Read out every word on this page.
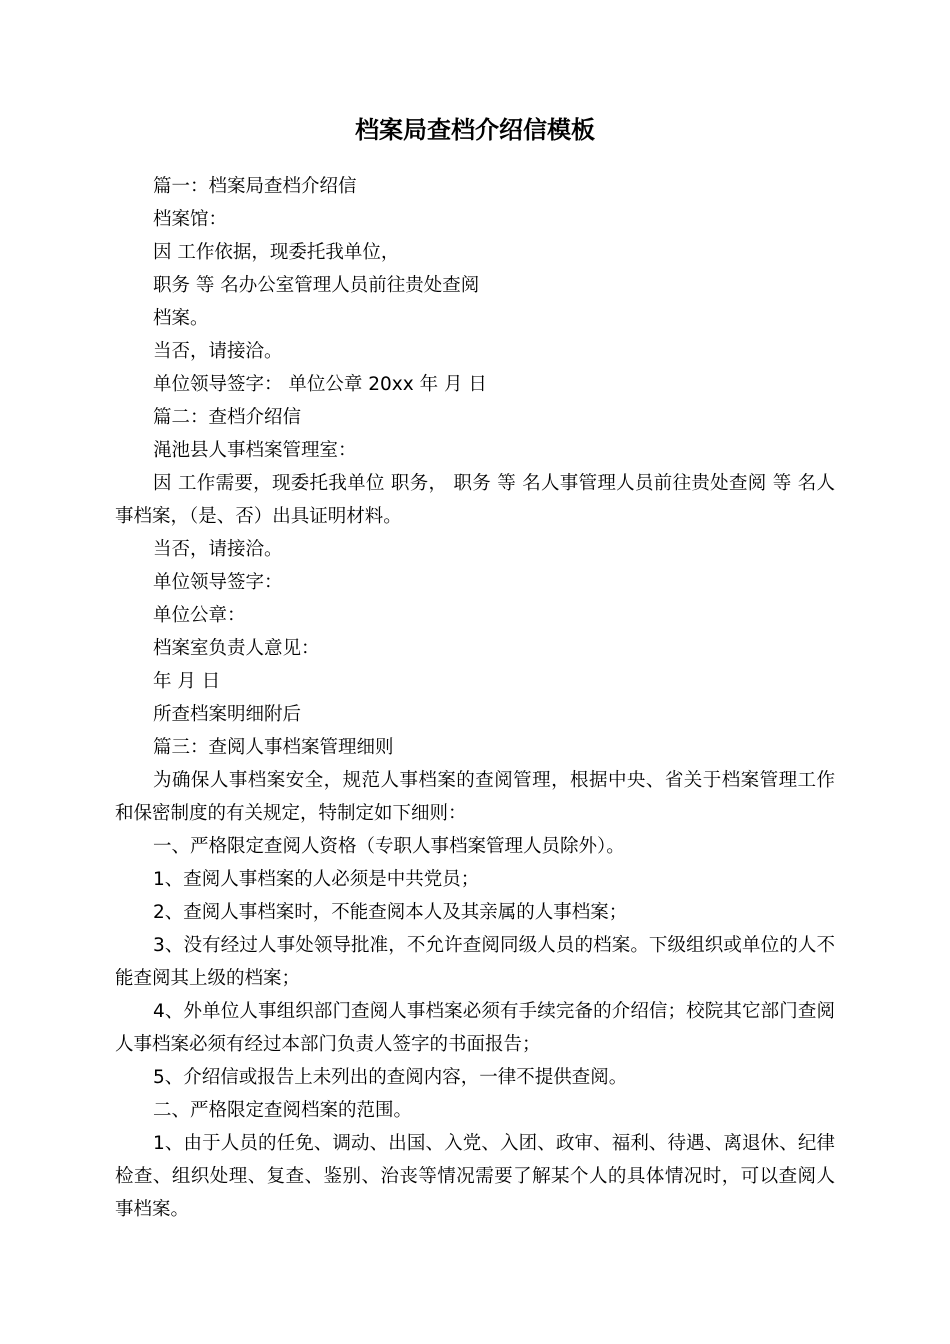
档案局查档介绍信模板

篇一：档案局查档介绍信

档案馆：

因 工作依据，现委托我单位，

职务 等 名办公室管理人员前往贵处查阅

档案。

当否，请接洽。

单位领导签字： 单位公章 20xx 年 月 日

篇二：查档介绍信

渑池县人事档案管理室：

因 工作需要，现委托我单位 职务， 职务 等 名人事管理人员前往贵处查阅 等 名人事档案，（是、否）出具证明材料。

当否，请接洽。

单位领导签字：

单位公章：

档案室负责人意见：

年 月 日

所查档案明细附后

篇三：查阅人事档案管理细则

为确保人事档案安全，规范人事档案的查阅管理，根据中央、省关于档案管理工作和保密制度的有关规定，特制定如下细则：

一、严格限定查阅人资格（专职人事档案管理人员除外）。

1、查阅人事档案的人必须是中共党员；

2、查阅人事档案时，不能查阅本人及其亲属的人事档案；

3、没有经过人事处领导批准，不允许查阅同级人员的档案。下级组织或单位的人不能查阅其上级的档案；

4、外单位人事组织部门查阅人事档案必须有手续完备的介绍信；校院其它部门查阅人事档案必须有经过本部门负责人签字的书面报告；

5、介绍信或报告上未列出的查阅内容，一律不提供查阅。

二、严格限定查阅档案的范围。

1、由于人员的任免、调动、出国、入党、入团、政审、福利、待遇、离退休、纪律检查、组织处理、复查、鉴别、治丧等情况需要了解某个人的具体情况时，可以查阅人事档案。
